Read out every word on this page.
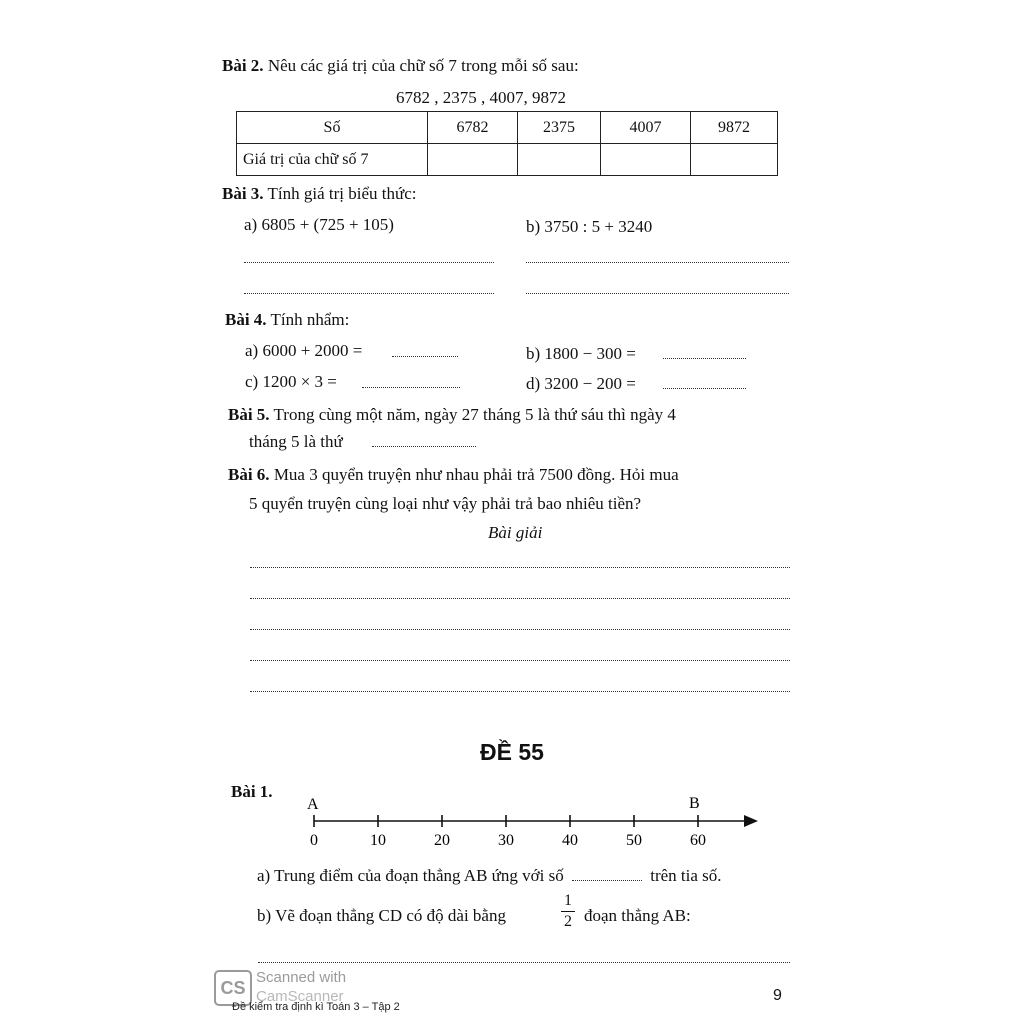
Bài 2. Nêu các giá trị của chữ số 7 trong mỗi số sau:
6782 , 2375 , 4007, 9872
Số	6782	2375	4007	9872
Giá trị của chữ số 7				
Bài 3. Tính giá trị biểu thức:
a) 6805 + (725 + 105)	b) 3750 : 5 + 3240
Bài 4. Tính nhẩm:
a) 6000 + 2000 =	b) 1800 − 300 =
c) 1200 × 3 =	d) 3200 − 200 =
Bài 5. Trong cùng một năm, ngày 27 tháng 5 là thứ sáu thì ngày 4
tháng 5 là thứ
Bài 6. Mua 3 quyển truyện như nhau phải trả 7500 đồng. Hỏi mua
5 quyển truyện cùng loại như vậy phải trả bao nhiêu tiền?
Bài giải
ĐỀ 55
Bài 1.
0	10	20	30	40	50	60
A	B
a) Trung điểm của đoạn thẳng AB ứng với số	trên tia số.
b) Vẽ đoạn thẳng CD có độ dài bằng
1
2 đoạn thẳng AB:
CS
Scanned with
CamScanner
Đề kiểm tra định kì Toán 3 – Tập 2
9
